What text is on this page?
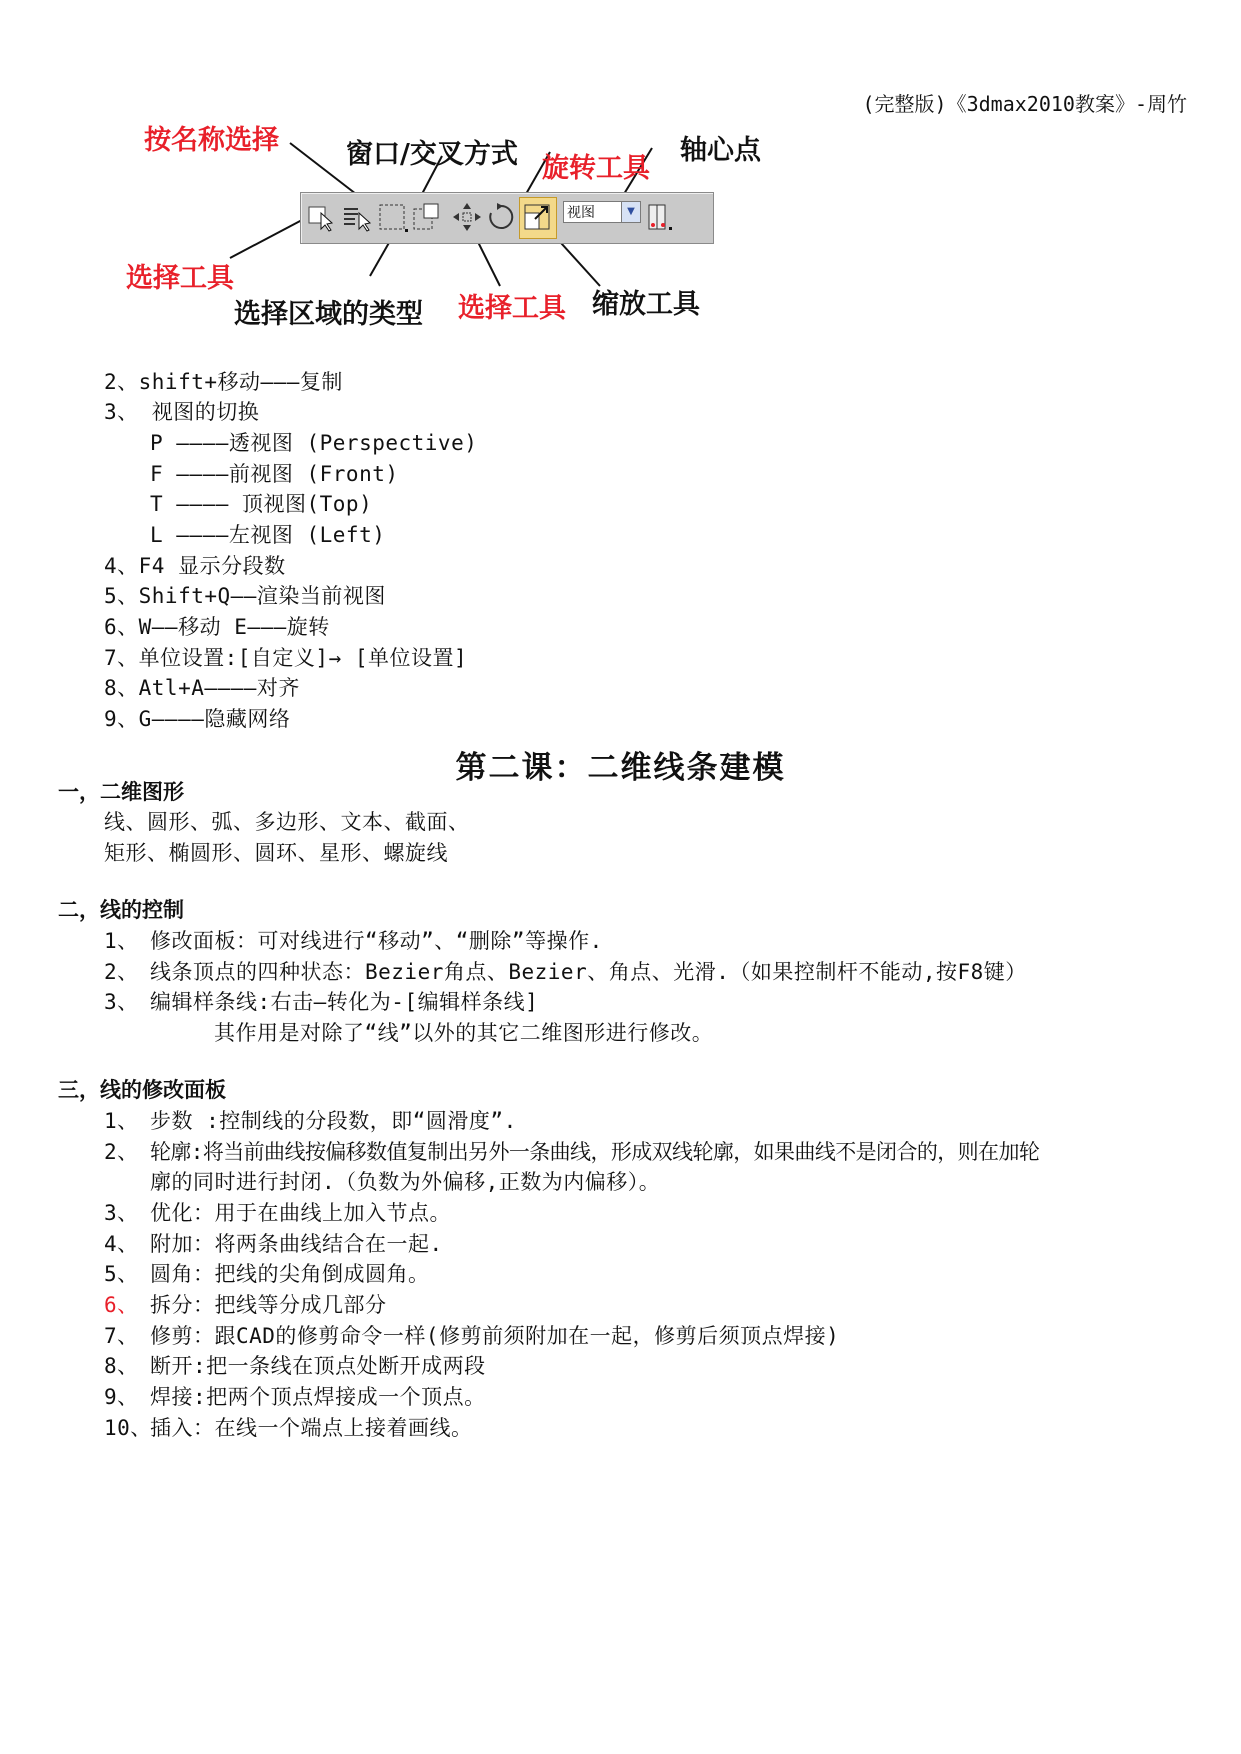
(完整版)《3dmax2010教案》-周竹
按名称选择 窗口/交叉方式 旋转工具
轴心点
选择工具
选择区域的类型 选择工具 缩放工具
视图	▼
2、shift+移动———复制
3、 视图的切换
P ————透视图 (Perspective)
F ————前视图 (Front)
T ———— 顶视图(Top)
L ————左视图 (Left)
4、F4 显示分段数
5、Shift+Q——渲染当前视图
6、W——移动 E———旋转
7、单位设置:[自定义]→ [单位设置]
8、Atl+A————对齐
9、G————隐藏网络
第二课：二维线条建模
一，二维图形
线、圆形、弧、多边形、文本、截面、
矩形、椭圆形、圆环、星形、螺旋线
二，线的控制
1、 修改面板：可对线进行“移动”、“删除”等操作.
2、 线条顶点的四种状态：Bezier角点、Bezier、角点、光滑.（如果控制杆不能动,按F8键）
3、 编辑样条线:右击—转化为-[编辑样条线]
其作用是对除了“线”以外的其它二维图形进行修改。
三，线的修改面板
1、 步数 :控制线的分段数，即“圆滑度”.
2、 轮廓:将当前曲线按偏移数值复制出另外一条曲线，形成双线轮廓，如果曲线不是闭合的，则在加轮
廓的同时进行封闭.（负数为外偏移,正数为内偏移）。
3、 优化：用于在曲线上加入节点。
4、 附加：将两条曲线结合在一起.
5、 圆角：把线的尖角倒成圆角。
6、 拆分：把线等分成几部分
7、 修剪：跟CAD的修剪命令一样(修剪前须附加在一起，修剪后须顶点焊接)
8、 断开:把一条线在顶点处断开成两段
9、 焊接:把两个顶点焊接成一个顶点。
10、插入：在线一个端点上接着画线。
